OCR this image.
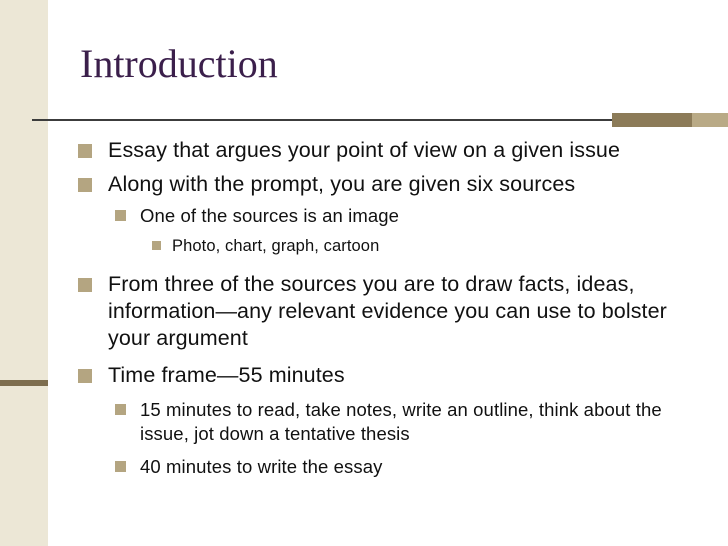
Introduction
Essay that argues your point of view on a given issue
Along with the prompt, you are given six sources
One of the sources is an image
Photo, chart, graph, cartoon
From three of the sources you are to draw facts, ideas, information—any relevant evidence you can use to bolster your argument
Time frame—55 minutes
15 minutes to read, take notes, write an outline, think about the issue, jot down a tentative thesis
40 minutes to write the essay
